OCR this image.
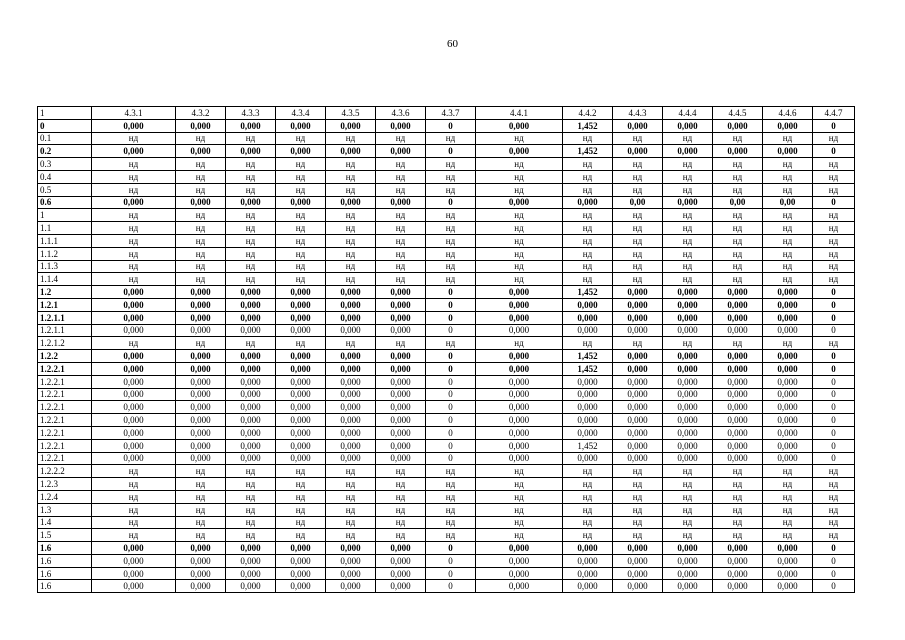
60
1	4.3.1	4.3.2	4.3.3	4.3.4	4.3.5	4.3.6	4.3.7	4.4.1	4.4.2	4.4.3	4.4.4	4.4.5	4.4.6	4.4.7
0	0,000	0,000	0,000	0,000	0,000	0,000	0	0,000	1,452	0,000	0,000	0,000	0,000	0
0.1	нд	нд	нд	нд	нд	нд	нд	нд	нд	нд	нд	нд	нд	нд
0.2	0,000	0,000	0,000	0,000	0,000	0,000	0	0,000	1,452	0,000	0,000	0,000	0,000	0
0.3	нд	нд	нд	нд	нд	нд	нд	нд	нд	нд	нд	нд	нд	нд
0.4	нд	нд	нд	нд	нд	нд	нд	нд	нд	нд	нд	нд	нд	нд
0.5	нд	нд	нд	нд	нд	нд	нд	нд	нд	нд	нд	нд	нд	нд
0.6	0,000	0,000	0,000	0,000	0,000	0,000	0	0,000	0,000	0,00	0,000	0,00	0,00	0
1	нд	нд	нд	нд	нд	нд	нд	нд	нд	нд	нд	нд	нд	нд
1.1	нд	нд	нд	нд	нд	нд	нд	нд	нд	нд	нд	нд	нд	нд
1.1.1	нд	нд	нд	нд	нд	нд	нд	нд	нд	нд	нд	нд	нд	нд
1.1.2	нд	нд	нд	нд	нд	нд	нд	нд	нд	нд	нд	нд	нд	нд
1.1.3	нд	нд	нд	нд	нд	нд	нд	нд	нд	нд	нд	нд	нд	нд
1.1.4	нд	нд	нд	нд	нд	нд	нд	нд	нд	нд	нд	нд	нд	нд
1.2	0,000	0,000	0,000	0,000	0,000	0,000	0	0,000	1,452	0,000	0,000	0,000	0,000	0
1.2.1	0,000	0,000	0,000	0,000	0,000	0,000	0	0,000	0,000	0,000	0,000	0,000	0,000	0
1.2.1.1	0,000	0,000	0,000	0,000	0,000	0,000	0	0,000	0,000	0,000	0,000	0,000	0,000	0
1.2.1.1	0,000	0,000	0,000	0,000	0,000	0,000	0	0,000	0,000	0,000	0,000	0,000	0,000	0
1.2.1.2	нд	нд	нд	нд	нд	нд	нд	нд	нд	нд	нд	нд	нд	нд
1.2.2	0,000	0,000	0,000	0,000	0,000	0,000	0	0,000	1,452	0,000	0,000	0,000	0,000	0
1.2.2.1	0,000	0,000	0,000	0,000	0,000	0,000	0	0,000	1,452	0,000	0,000	0,000	0,000	0
1.2.2.1	0,000	0,000	0,000	0,000	0,000	0,000	0	0,000	0,000	0,000	0,000	0,000	0,000	0
1.2.2.1	0,000	0,000	0,000	0,000	0,000	0,000	0	0,000	0,000	0,000	0,000	0,000	0,000	0
1.2.2.1	0,000	0,000	0,000	0,000	0,000	0,000	0	0,000	0,000	0,000	0,000	0,000	0,000	0
1.2.2.1	0,000	0,000	0,000	0,000	0,000	0,000	0	0,000	0,000	0,000	0,000	0,000	0,000	0
1.2.2.1	0,000	0,000	0,000	0,000	0,000	0,000	0	0,000	0,000	0,000	0,000	0,000	0,000	0
1.2.2.1	0,000	0,000	0,000	0,000	0,000	0,000	0	0,000	1,452	0,000	0,000	0,000	0,000	0
1.2.2.1	0,000	0,000	0,000	0,000	0,000	0,000	0	0,000	0,000	0,000	0,000	0,000	0,000	0
1.2.2.2	нд	нд	нд	нд	нд	нд	нд	нд	нд	нд	нд	нд	нд	нд
1.2.3	нд	нд	нд	нд	нд	нд	нд	нд	нд	нд	нд	нд	нд	нд
1.2.4	нд	нд	нд	нд	нд	нд	нд	нд	нд	нд	нд	нд	нд	нд
1.3	нд	нд	нд	нд	нд	нд	нд	нд	нд	нд	нд	нд	нд	нд
1.4	нд	нд	нд	нд	нд	нд	нд	нд	нд	нд	нд	нд	нд	нд
1.5	нд	нд	нд	нд	нд	нд	нд	нд	нд	нд	нд	нд	нд	нд
1.6	0,000	0,000	0,000	0,000	0,000	0,000	0	0,000	0,000	0,000	0,000	0,000	0,000	0
1.6	0,000	0,000	0,000	0,000	0,000	0,000	0	0,000	0,000	0,000	0,000	0,000	0,000	0
1.6	0,000	0,000	0,000	0,000	0,000	0,000	0	0,000	0,000	0,000	0,000	0,000	0,000	0
1.6	0,000	0,000	0,000	0,000	0,000	0,000	0	0,000	0,000	0,000	0,000	0,000	0,000	0
